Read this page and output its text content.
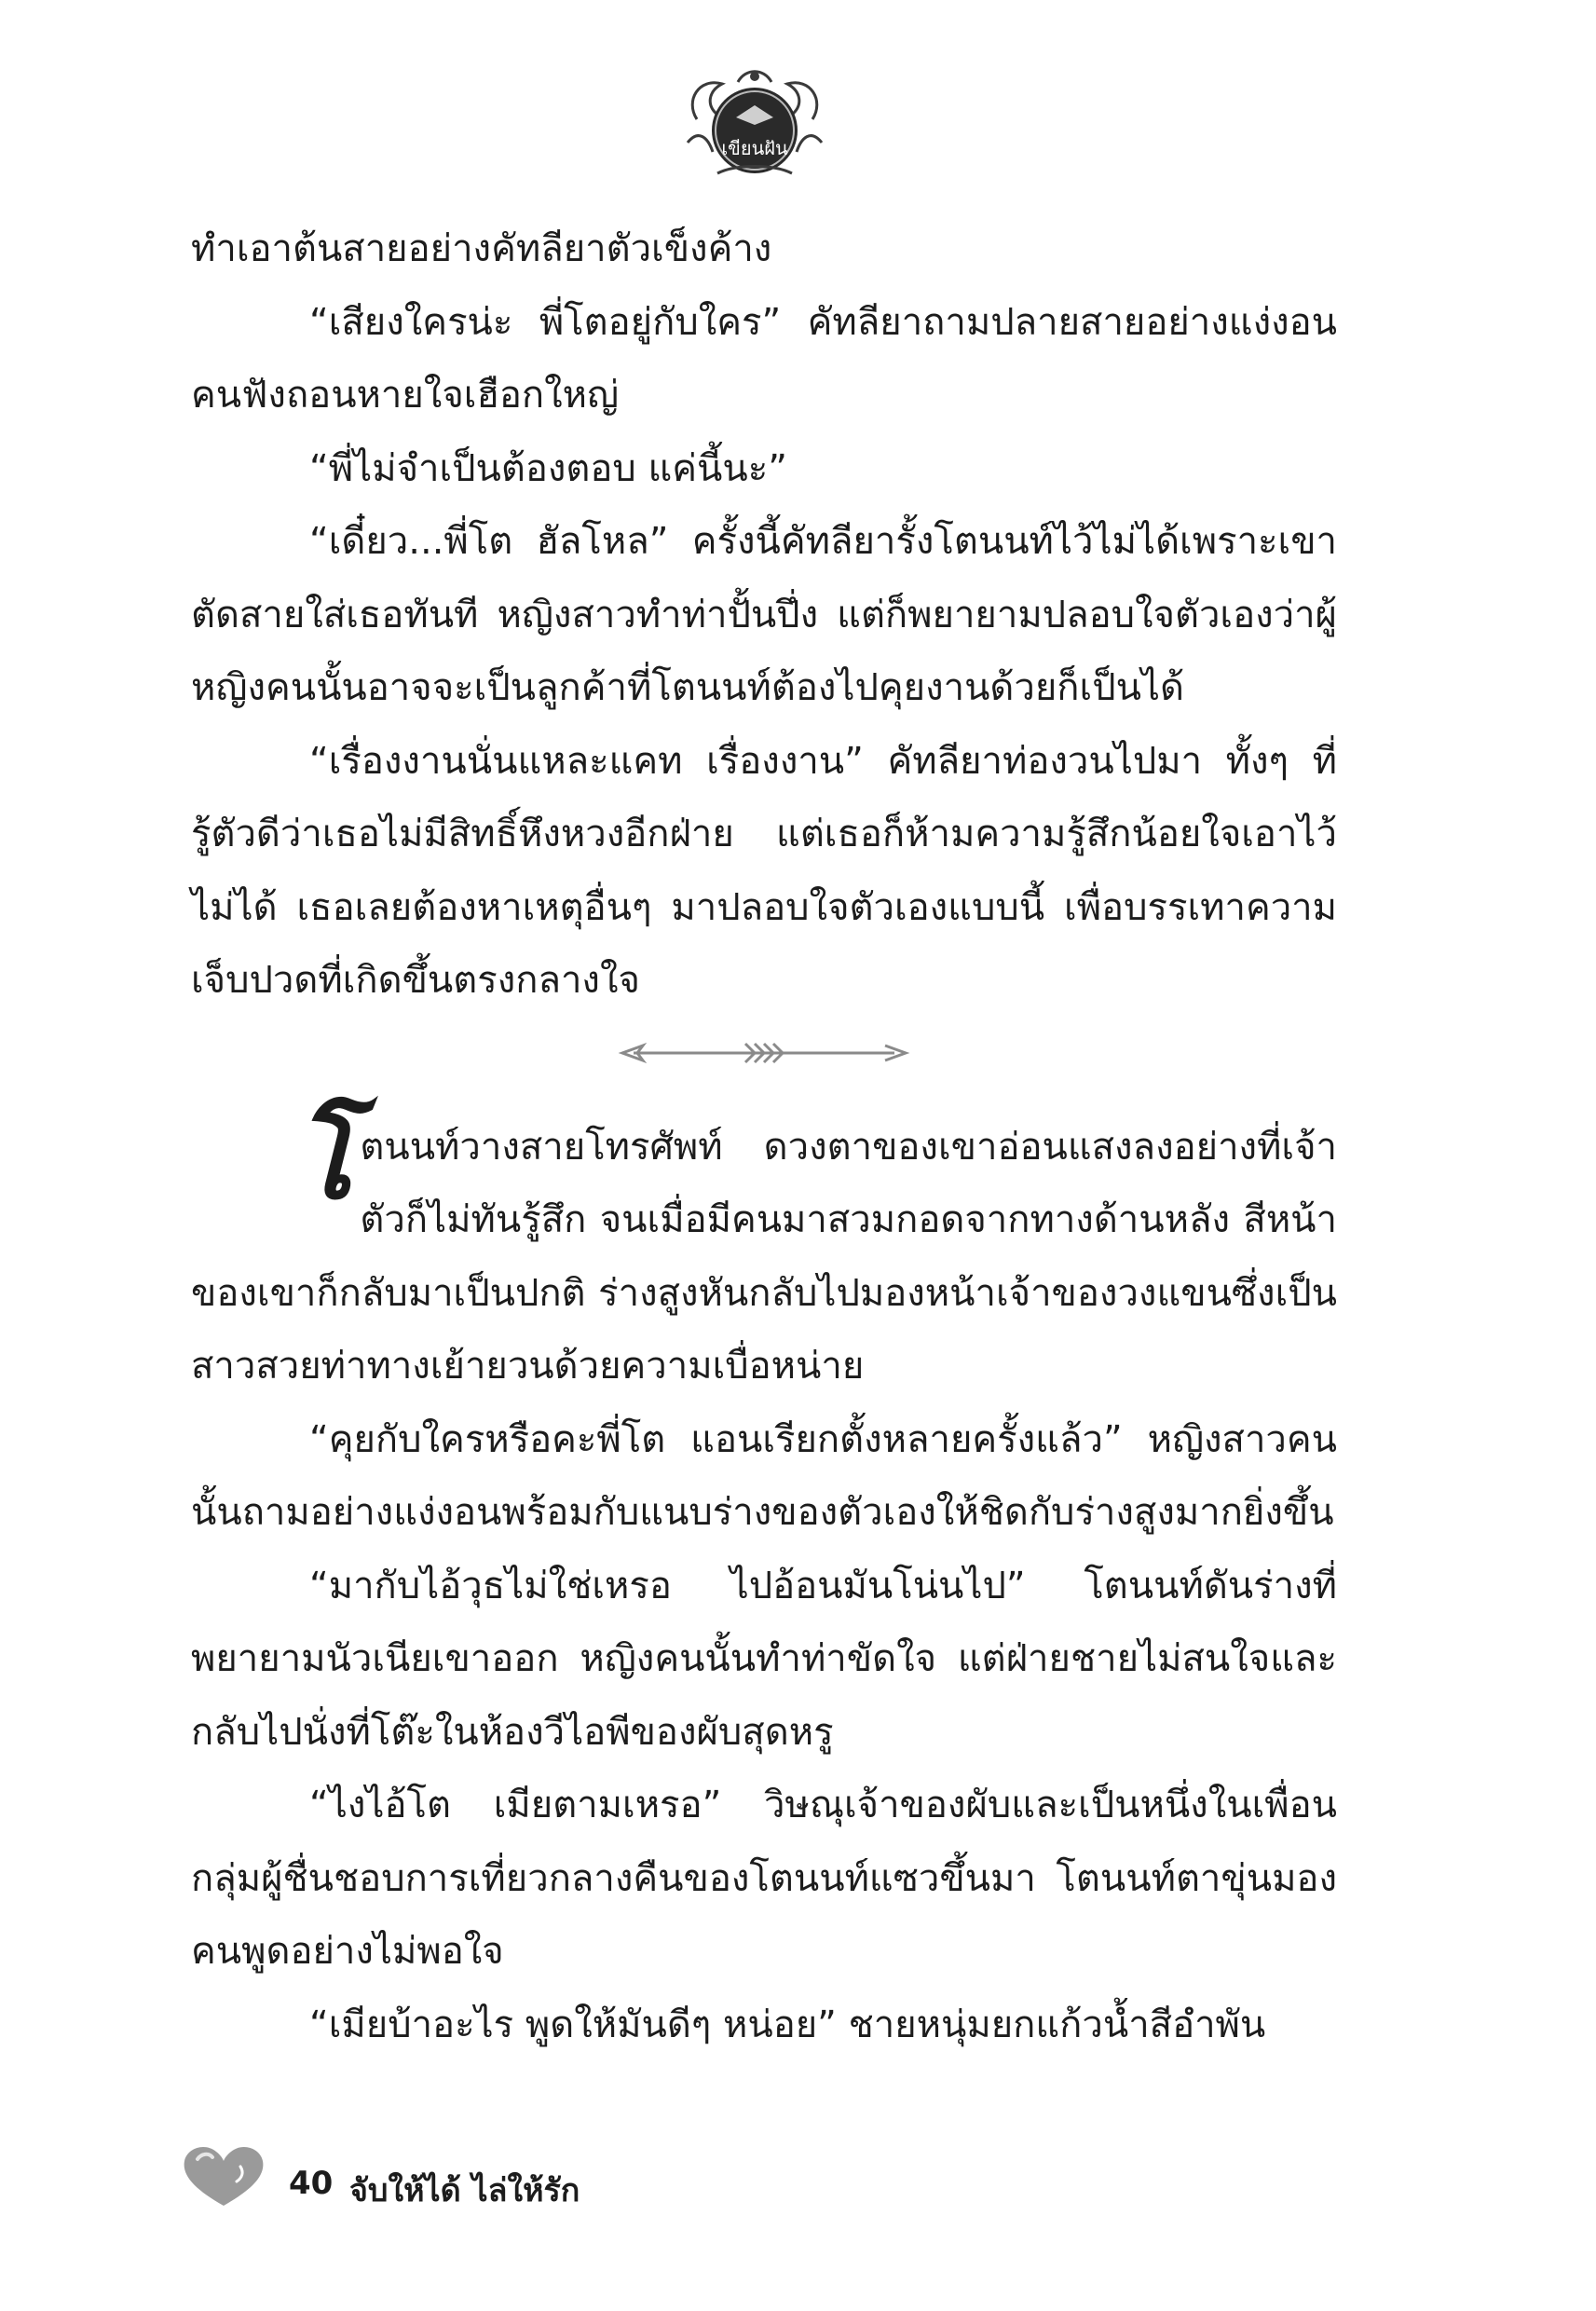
เขียนฝัน

ทำเอาต้นสายอย่างคัทลียาตัวเข็งค้าง

“เสียงใครน่ะ พี่โตอยู่กับใคร” คัทลียาถามปลายสายอย่างแง่งอน คนฟังถอนหายใจเฮือกใหญ่

“พี่ไม่จำเป็นต้องตอบ แค่นี้นะ”

“เดี๋ยว...พี่โต ฮัลโหล” ครั้งนี้คัทลียารั้งโตนนท์ไว้ไม่ได้เพราะเขาตัดสายใส่เธอทันที หญิงสาวทำท่าปั้นปึ่ง แต่ก็พยายามปลอบใจตัวเองว่าผู้หญิงคนนั้นอาจจะเป็นลูกค้าที่โตนนท์ต้องไปคุยงานด้วยก็เป็นได้

“เรื่องงานนั่นแหละแคท เรื่องงาน” คัทลียาท่องวนไปมา ทั้งๆ ที่รู้ตัวดีว่าเธอไม่มีสิทธิ์หึงหวงอีกฝ่าย แต่เธอก็ห้ามความรู้สึกน้อยใจเอาไว้ไม่ได้ เธอเลยต้องหาเหตุอื่นๆ มาปลอบใจตัวเองแบบนี้ เพื่อบรรเทาความเจ็บปวดที่เกิดขึ้นตรงกลางใจ

โ ตนนท์วางสายโทรศัพท์ ดวงตาของเขาอ่อนแสงลงอย่างที่เจ้าตัวก็ไม่ทันรู้สึก จนเมื่อมีคนมาสวมกอดจากทางด้านหลัง สีหน้าของเขาก็กลับมาเป็นปกติ ร่างสูงหันกลับไปมองหน้าเจ้าของวงแขนซึ่งเป็นสาวสวยท่าทางเย้ายวนด้วยความเบื่อหน่าย

“คุยกับใครหรือคะพี่โต แอนเรียกตั้งหลายครั้งแล้ว” หญิงสาวคนนั้นถามอย่างแง่งอนพร้อมกับแนบร่างของตัวเองให้ชิดกับร่างสูงมากยิ่งขึ้น

“มากับไอ้วุธไม่ใช่เหรอ ไปอ้อนมันโน่นไป” โตนนท์ดันร่างที่พยายามนัวเนียเขาออก หญิงคนนั้นทำท่าขัดใจ แต่ฝ่ายชายไม่สนใจและกลับไปนั่งที่โต๊ะในห้องวีไอพีของผับสุดหรู

“ไงไอ้โต เมียตามเหรอ” วิษณุเจ้าของผับและเป็นหนึ่งในเพื่อนกลุ่มผู้ชื่นชอบการเที่ยวกลางคืนของโตนนท์แซวขึ้นมา โตนนท์ตาขุ่นมองคนพูดอย่างไม่พอใจ

“เมียบ้าอะไร พูดให้มันดีๆ หน่อย” ชายหนุ่มยกแก้วน้ำสีอำพัน

40 จับให้ได้ ไล่ให้รัก
